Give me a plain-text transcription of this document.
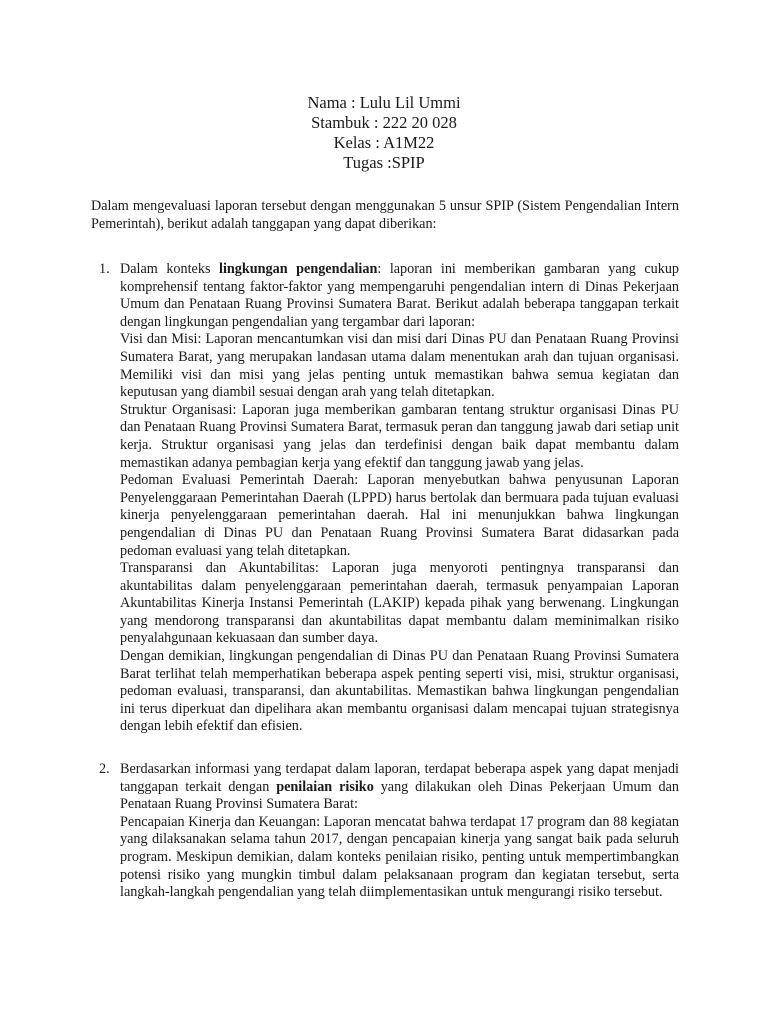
Nama : Lulu Lil Ummi
Stambuk : 222 20 028
Kelas : A1M22
Tugas :SPIP

Dalam mengevaluasi laporan tersebut dengan menggunakan 5 unsur SPIP (Sistem Pengendalian Intern Pemerintah), berikut adalah tanggapan yang dapat diberikan:

1. Dalam konteks lingkungan pengendalian: laporan ini memberikan gambaran yang cukup komprehensif tentang faktor-faktor yang mempengaruhi pengendalian intern di Dinas Pekerjaan Umum dan Penataan Ruang Provinsi Sumatera Barat. Berikut adalah beberapa tanggapan terkait dengan lingkungan pengendalian yang tergambar dari laporan:

Visi dan Misi: Laporan mencantumkan visi dan misi dari Dinas PU dan Penataan Ruang Provinsi Sumatera Barat, yang merupakan landasan utama dalam menentukan arah dan tujuan organisasi. Memiliki visi dan misi yang jelas penting untuk memastikan bahwa semua kegiatan dan keputusan yang diambil sesuai dengan arah yang telah ditetapkan.

Struktur Organisasi: Laporan juga memberikan gambaran tentang struktur organisasi Dinas PU dan Penataan Ruang Provinsi Sumatera Barat, termasuk peran dan tanggung jawab dari setiap unit kerja. Struktur organisasi yang jelas dan terdefinisi dengan baik dapat membantu dalam memastikan adanya pembagian kerja yang efektif dan tanggung jawab yang jelas.

Pedoman Evaluasi Pemerintah Daerah: Laporan menyebutkan bahwa penyusunan Laporan Penyelenggaraan Pemerintahan Daerah (LPPD) harus bertolak dan bermuara pada tujuan evaluasi kinerja penyelenggaraan pemerintahan daerah. Hal ini menunjukkan bahwa lingkungan pengendalian di Dinas PU dan Penataan Ruang Provinsi Sumatera Barat didasarkan pada pedoman evaluasi yang telah ditetapkan.

Transparansi dan Akuntabilitas: Laporan juga menyoroti pentingnya transparansi dan akuntabilitas dalam penyelenggaraan pemerintahan daerah, termasuk penyampaian Laporan Akuntabilitas Kinerja Instansi Pemerintah (LAKIP) kepada pihak yang berwenang. Lingkungan yang mendorong transparansi dan akuntabilitas dapat membantu dalam meminimalkan risiko penyalahgunaan kekuasaan dan sumber daya.

Dengan demikian, lingkungan pengendalian di Dinas PU dan Penataan Ruang Provinsi Sumatera Barat terlihat telah memperhatikan beberapa aspek penting seperti visi, misi, struktur organisasi, pedoman evaluasi, transparansi, dan akuntabilitas. Memastikan bahwa lingkungan pengendalian ini terus diperkuat dan dipelihara akan membantu organisasi dalam mencapai tujuan strategisnya dengan lebih efektif dan efisien.

2. Berdasarkan informasi yang terdapat dalam laporan, terdapat beberapa aspek yang dapat menjadi tanggapan terkait dengan penilaian risiko yang dilakukan oleh Dinas Pekerjaan Umum dan Penataan Ruang Provinsi Sumatera Barat:

Pencapaian Kinerja dan Keuangan: Laporan mencatat bahwa terdapat 17 program dan 88 kegiatan yang dilaksanakan selama tahun 2017, dengan pencapaian kinerja yang sangat baik pada seluruh program. Meskipun demikian, dalam konteks penilaian risiko, penting untuk mempertimbangkan potensi risiko yang mungkin timbul dalam pelaksanaan program dan kegiatan tersebut, serta langkah-langkah pengendalian yang telah diimplementasikan untuk mengurangi risiko tersebut.
